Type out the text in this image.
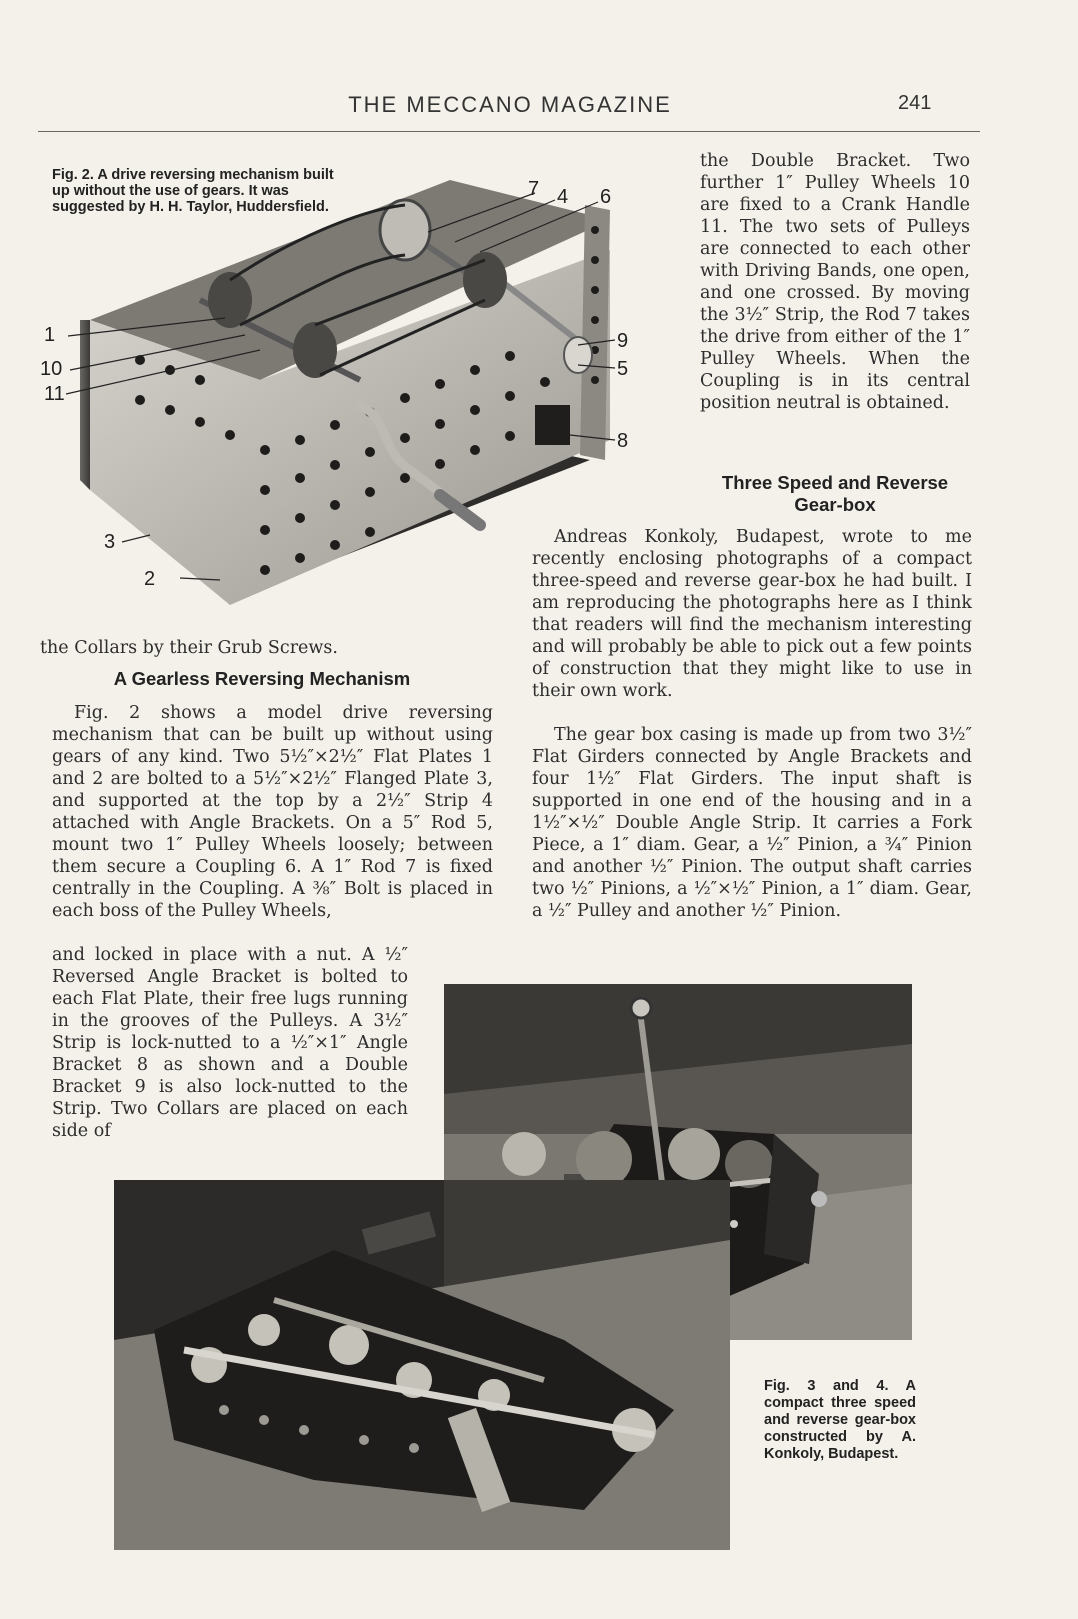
THE MECCANO MAGAZINE	241
Fig. 2. A drive reversing mechanism built up without the use of gears. It was suggested by H. H. Taylor, Huddersfield.
7 4 6
1
10
11
9
5
8
3
2

the Collars by their Grub Screws.

A Gearless Reversing Mechanism

Fig. 2 shows a model drive reversing mechanism that can be built up without using gears of any kind. Two 5½″×2½″ Flat Plates 1 and 2 are bolted to a 5½″×2½″ Flanged Plate 3, and supported at the top by a 2½″ Strip 4 attached with Angle Brackets. On a 5″ Rod 5, mount two 1″ Pulley Wheels loosely; between them secure a Coupling 6. A 1″ Rod 7 is fixed centrally in the Coupling. A ⅜″ Bolt is placed in each boss of the Pulley Wheels,

and locked in place with a nut. A ½″ Reversed Angle Bracket is bolted to each Flat Plate, their free lugs running in the grooves of the Pulleys. A 3½″ Strip is lock-nutted to a ½″×1″ Angle Bracket 8 as shown and a Double Bracket 9 is also lock-nutted to the Strip. Two Collars are placed on each side of

the Double Bracket. Two further 1″ Pulley Wheels 10 are fixed to a Crank Handle 11. The two sets of Pulleys are connected to each other with Driving Bands, one open, and one crossed. By moving the 3½″ Strip, the Rod 7 takes the drive from either of the 1″ Pulley Wheels. When the Coupling is in its central position neutral is obtained.

Three Speed and Reverse

Gear-box

Andreas Konkoly, Budapest, wrote to me recently enclosing photographs of a compact three-speed and reverse gear-box he had built. I am reproducing the photographs here as I think that readers will find the mechanism interesting and will probably be able to pick out a few points of construction that they might like to use in their own work.

The gear box casing is made up from two 3½″ Flat Girders connected by Angle Brackets and four 1½″ Flat Girders. The input shaft is supported in one end of the housing and in a 1½″×½″ Double Angle Strip. It carries a Fork Piece, a 1″ diam. Gear, a ½″ Pinion, a ¾″ Pinion and another ½″ Pinion. The output shaft carries two ½″ Pinions, a ½″×½″ Pinion, a 1″ diam. Gear, a ½″ Pulley and another ½″ Pinion.

Fig. 3 and 4. A compact three speed and reverse gear-box constructed by A. Konkoly, Budapest.
